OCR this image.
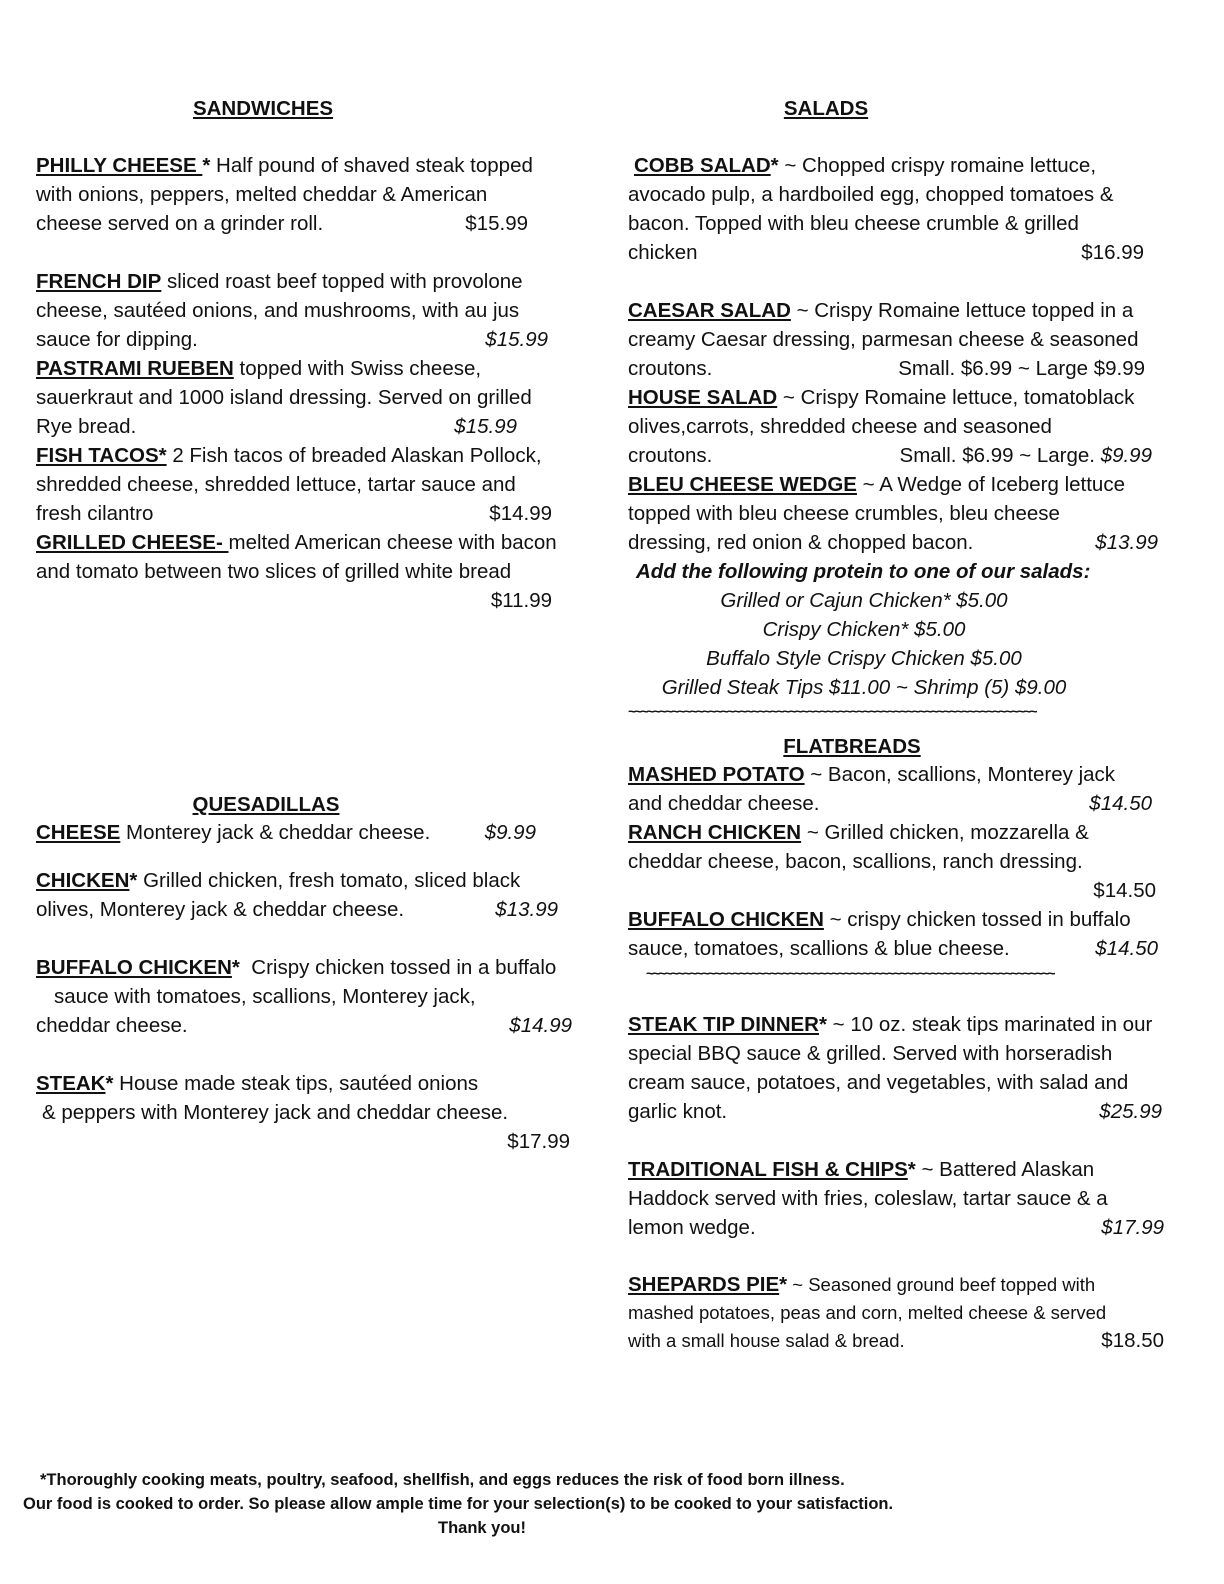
SANDWICHES
PHILLY CHEESE * Half pound of shaved steak topped
with onions, peppers, melted cheddar & American
cheese served on a grinder roll.	$15.99
FRENCH DIP sliced roast beef topped with provolone
cheese, sautéed onions, and mushrooms, with au jus
sauce for dipping.	$15.99
PASTRAMI RUEBEN topped with Swiss cheese,
sauerkraut and 1000 island dressing. Served on grilled
Rye bread.	$15.99
FISH TACOS* 2 Fish tacos of breaded Alaskan Pollock,
shredded cheese, shredded lettuce, tartar sauce and
fresh cilantro	$14.99
GRILLED CHEESE- melted American cheese with bacon
and tomato between two slices of grilled white bread
$11.99
QUESADILLAS
CHEESE Monterey jack & cheddar cheese.	$9.99
CHICKEN* Grilled chicken, fresh tomato, sliced black
olives, Monterey jack & cheddar cheese.	$13.99
BUFFALO CHICKEN* Crispy chicken tossed in a buffalo
sauce with tomatoes, scallions, Monterey jack,
cheddar cheese.	$14.99
STEAK* House made steak tips, sautéed onions
& peppers with Monterey jack and cheddar cheese.
$17.99
SALADS
COBB SALAD* ~ Chopped crispy romaine lettuce,
avocado pulp, a hardboiled egg, chopped tomatoes &
bacon. Topped with bleu cheese crumble & grilled
chicken	$16.99
CAESAR SALAD ~ Crispy Romaine lettuce topped in a
creamy Caesar dressing, parmesan cheese & seasoned
croutons.	Small. $6.99 ~ Large $9.99
HOUSE SALAD ~ Crispy Romaine lettuce, tomatoblack
olives,carrots, shredded cheese and seasoned
croutons.	Small. $6.99 ~ Large. $9.99
BLEU CHEESE WEDGE ~ A Wedge of Iceberg lettuce
topped with bleu cheese crumbles, bleu cheese
dressing, red onion & chopped bacon.	$13.99
Add the following protein to one of our salads:
Grilled or Cajun Chicken* $5.00
Crispy Chicken* $5.00
Buffalo Style Crispy Chicken $5.00
Grilled Steak Tips $11.00 ~ Shrimp (5) $9.00
~~~~~~~~~~~~~~~~~~~~~~~~~~~~~~~~~~~~~~~~~~~~~~~~~~~~~~~~~~~~~~~~~~
FLATBREADS
MASHED POTATO ~ Bacon, scallions, Monterey jack
and cheddar cheese.	$14.50
RANCH CHICKEN ~ Grilled chicken, mozzarella &
cheddar cheese, bacon, scallions, ranch dressing.
$14.50
BUFFALO CHICKEN ~ crispy chicken tossed in buffalo
sauce, tomatoes, scallions & blue cheese.	$14.50
~~~~~~~~~~~~~~~~~~~~~~~~~~~~~~~~~~~~~~~~~~~~~~~~~~~~~~~~~~~~~~~~~~
STEAK TIP DINNER* ~ 10 oz. steak tips marinated in our
special BBQ sauce & grilled. Served with horseradish
cream sauce, potatoes, and vegetables, with salad and
garlic knot.	$25.99
TRADITIONAL FISH & CHIPS* ~ Battered Alaskan
Haddock served with fries, coleslaw, tartar sauce & a
lemon wedge.	$17.99
SHEPARDS PIE* ~ Seasoned ground beef topped with
mashed potatoes, peas and corn, melted cheese & served
with a small house salad & bread.	$18.50
*Thoroughly cooking meats, poultry, seafood, shellfish, and eggs reduces the risk of food born illness.
Our food is cooked to order. So please allow ample time for your selection(s) to be cooked to your satisfaction.
Thank you!
